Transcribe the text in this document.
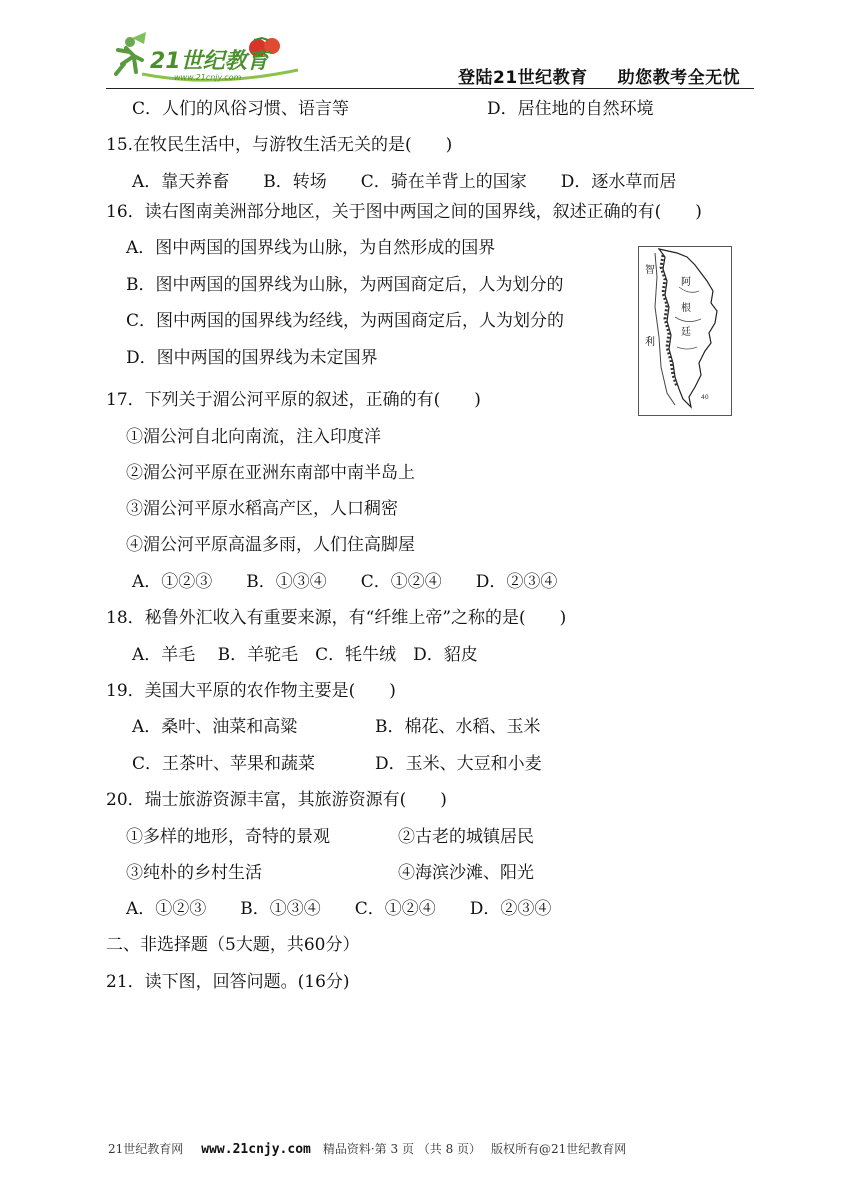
21世纪教育
www.21cnjy.com	登陆21世纪教育 助您教考全无忧
C．人们的风俗习惯、语言等	D．居住地的自然环境
15.在牧民生活中，与游牧生活无关的是(　　)
A．靠天养畜　　B．转场　　C．骑在羊背上的国家　　D．逐水草而居
16．读右图南美洲部分地区，关于图中两国之间的国界线，叙述正确的有(　　)
A．图中两国的国界线为山脉，为自然形成的国界
B．图中两国的国界线为山脉，为两国商定后，人为划分的
C．图中两国的国界线为经线，为两国商定后，人为划分的
D．图中两国的国界线为未定国界
智
利
阿
根
廷
40
17．下列关于湄公河平原的叙述，正确的有(　　)
①湄公河自北向南流，注入印度洋
②湄公河平原在亚洲东南部中南半岛上
③湄公河平原水稻高产区，人口稠密
④湄公河平原高温多雨，人们住高脚屋
A．①②③　　B．①③④　　C．①②④　　D．②③④
18．秘鲁外汇收入有重要来源，有“纤维上帝”之称的是(　　)
A．羊毛　 B．羊驼毛　C．牦牛绒　D．貂皮
19．美国大平原的农作物主要是(　　)
A．桑叶、油菜和高粱	B．棉花、水稻、玉米
C．王茶叶、苹果和蔬菜	D．玉米、大豆和小麦
20．瑞士旅游资源丰富，其旅游资源有(　　)
①多样的地形，奇特的景观	②古老的城镇居民
③纯朴的乡村生活	④海滨沙滩、阳光
A．①②③　　B．①③④　　C．①②④　　D．②③④
二、非选择题（5大题，共60分）
21．读下图，回答问题。(16分)
21世纪教育网 www.21cnjy.com 精品资料·第 3 页 （共 8 页） 版权所有@21世纪教育网
